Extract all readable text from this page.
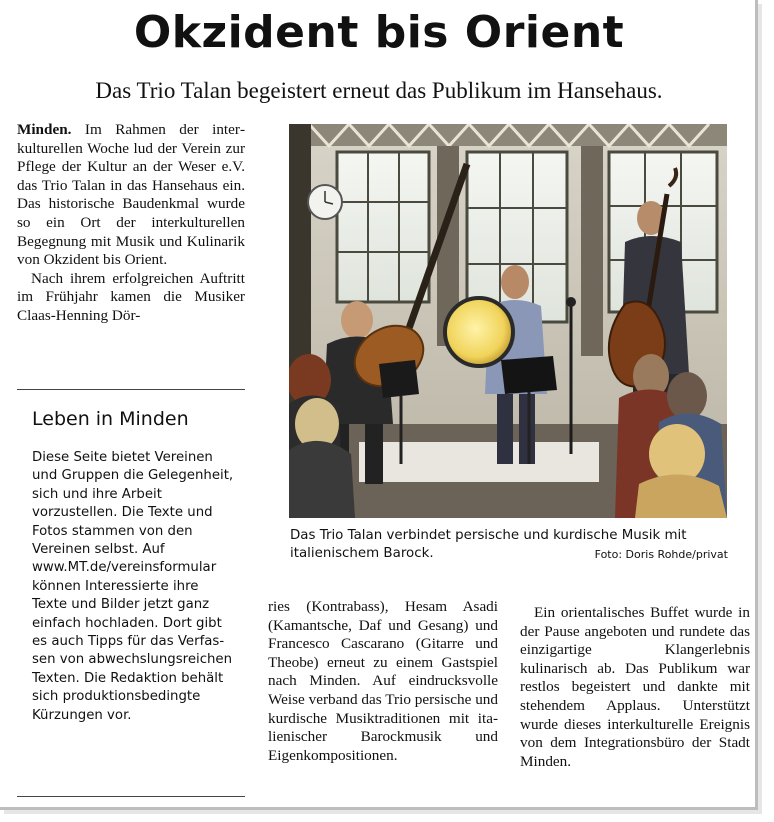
Okzident bis Orient
Das Trio Talan begeistert erneut das Publikum im Hansehaus.

Minden. Im Rahmen der interkulturellen Woche lud der Verein zur Pflege der Kultur an der Weser e.V. das Trio Talan in das Hansehaus ein. Das historische Baudenkmal wurde so ein Ort der interkulturellen Begegnung mit Musik und Kulinarik von Okzident bis Orient.

Nach ihrem erfolgreichen Auftritt im Frühjahr kamen die Musiker Claas-Henning Dör-

Leben in Minden

Diese Seite bietet Vereinen und Gruppen die Gelegenheit, sich und ihre Arbeit vorzustellen. Die Texte und Fotos stammen von den Vereinen selbst. Auf www.MT.de/vereinsformular können Interessierte ihre Texte und Bilder jetzt ganz einfach hochladen. Dort gibt es auch Tipps für das Verfassen von abwechslungsreichen Texten. Die Redaktion behält sich produktionsbedingte Kürzungen vor.

Das Trio Talan verbindet persische und kurdische Musik mit italienischem Barock.	Foto: Doris Rohde/privat

ries (Kontrabass), Hesam Asadi (Kamantsche, Daf und Gesang) und Francesco Cascarano (Gitarre und Theobe) erneut zu einem Gastspiel nach Minden. Auf eindrucksvolle Weise verband das Trio persische und kurdische Musiktraditionen mit italienischer Barockmusik und Eigenkompositionen.

Ein orientalisches Buffet wurde in der Pause angeboten und rundete das einzigartige Klangerlebnis kulinarisch ab. Das Publikum war restlos begeistert und dankte mit stehendem Applaus. Unterstützt wurde dieses interkulturelle Ereignis von dem Integrationsbüro der Stadt Minden.
